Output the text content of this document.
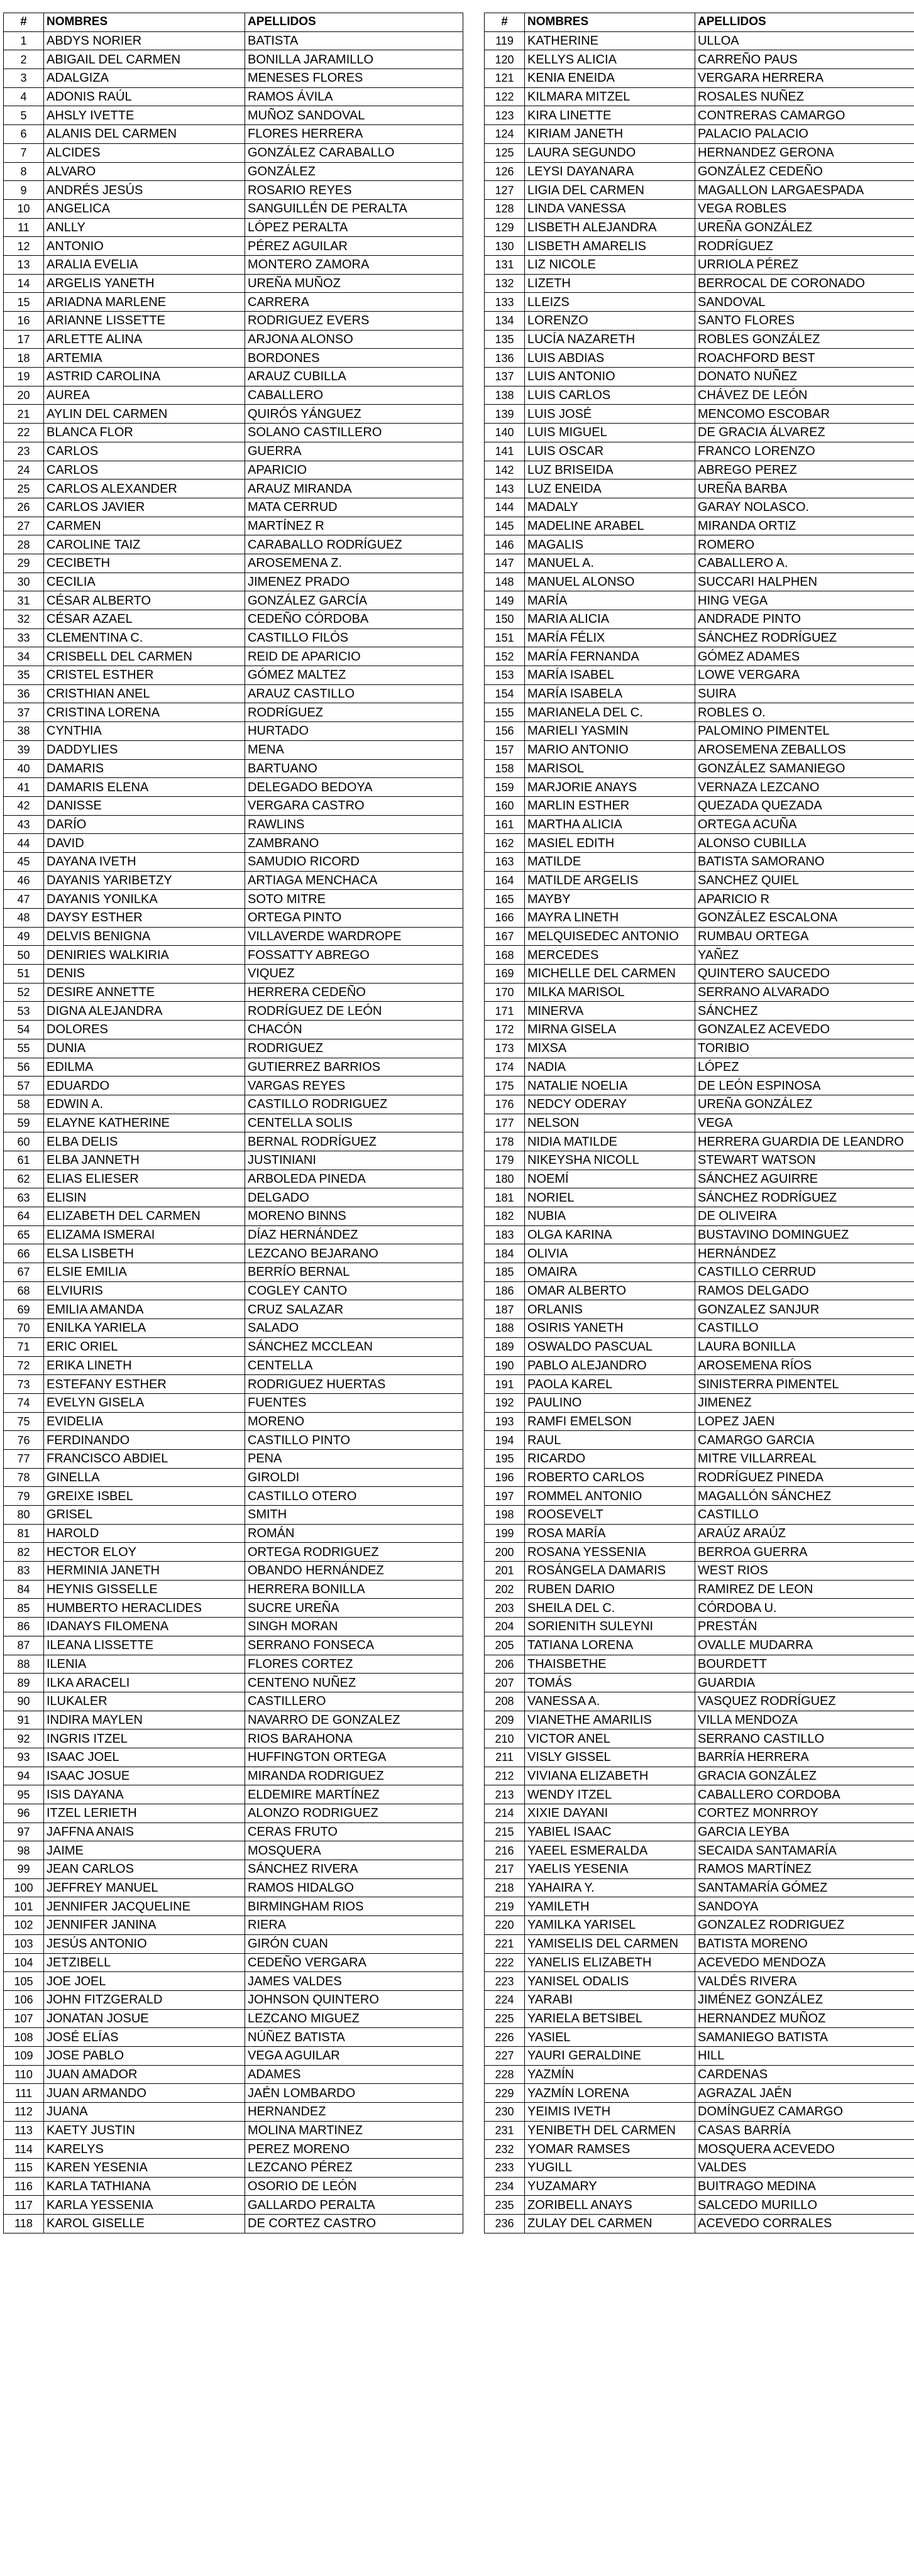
#	NOMBRES	APELLIDOS
1	ABDYS NORIER	BATISTA
2	ABIGAIL DEL CARMEN	BONILLA JARAMILLO
3	ADALGIZA	MENESES FLORES
4	ADONIS RAÚL	RAMOS ÁVILA
5	AHSLY IVETTE	MUÑOZ SANDOVAL
6	ALANIS DEL CARMEN	FLORES HERRERA
7	ALCIDES	GONZÁLEZ CARABALLO
8	ALVARO	GONZÁLEZ
9	ANDRÉS JESÚS	ROSARIO REYES
10	ANGELICA	SANGUILLÉN DE PERALTA
11	ANLLY	LÓPEZ PERALTA
12	ANTONIO	PÉREZ AGUILAR
13	ARALIA EVELIA	MONTERO ZAMORA
14	ARGELIS YANETH	UREÑA MUÑOZ
15	ARIADNA MARLENE	CARRERA
16	ARIANNE LISSETTE	RODRIGUEZ EVERS
17	ARLETTE ALINA	ARJONA ALONSO
18	ARTEMIA	BORDONES
19	ASTRID CAROLINA	ARAUZ CUBILLA
20	AUREA	CABALLERO
21	AYLIN DEL CARMEN	QUIRÓS YÁNGUEZ
22	BLANCA FLOR	SOLANO CASTILLERO
23	CARLOS	GUERRA
24	CARLOS	APARICIO
25	CARLOS ALEXANDER	ARAUZ MIRANDA
26	CARLOS JAVIER	MATA CERRUD
27	CARMEN	MARTÍNEZ R
28	CAROLINE TAIZ	CARABALLO RODRÍGUEZ
29	CECIBETH	AROSEMENA Z.
30	CECILIA	JIMENEZ PRADO
31	CÉSAR ALBERTO	GONZÁLEZ GARCÍA
32	CÉSAR AZAEL	CEDEÑO CÓRDOBA
33	CLEMENTINA C.	CASTILLO FILÓS
34	CRISBELL DEL CARMEN	REID DE APARICIO
35	CRISTEL ESTHER	GÓMEZ MALTEZ
36	CRISTHIAN ANEL	ARAUZ CASTILLO
37	CRISTINA LORENA	RODRÍGUEZ
38	CYNTHIA	HURTADO
39	DADDYLIES	MENA
40	DAMARIS	BARTUANO
41	DAMARIS ELENA	DELEGADO BEDOYA
42	DANISSE	VERGARA CASTRO
43	DARÍO	RAWLINS
44	DAVID	ZAMBRANO
45	DAYANA IVETH	SAMUDIO RICORD
46	DAYANIS YARIBETZY	ARTIAGA MENCHACA
47	DAYANIS YONILKA	SOTO MITRE
48	DAYSY ESTHER	ORTEGA PINTO
49	DELVIS BENIGNA	VILLAVERDE WARDROPE
50	DENIRIES WALKIRIA	FOSSATTY ABREGO
51	DENIS	VIQUEZ
52	DESIRE ANNETTE	HERRERA CEDEÑO
53	DIGNA ALEJANDRA	RODRÍGUEZ DE LEÓN
54	DOLORES	CHACÓN
55	DUNIA	RODRIGUEZ
56	EDILMA	GUTIERREZ BARRIOS
57	EDUARDO	VARGAS REYES
58	EDWIN A.	CASTILLO RODRIGUEZ
59	ELAYNE KATHERINE	CENTELLA SOLIS
60	ELBA DELIS	BERNAL RODRÍGUEZ
61	ELBA JANNETH	JUSTINIANI
62	ELIAS ELIESER	ARBOLEDA PINEDA
63	ELISIN	DELGADO
64	ELIZABETH DEL CARMEN	MORENO BINNS
65	ELIZAMA ISMERAI	DÍAZ HERNÁNDEZ
66	ELSA LISBETH	LEZCANO BEJARANO
67	ELSIE EMILIA	BERRÍO BERNAL
68	ELVIURIS	COGLEY CANTO
69	EMILIA AMANDA	CRUZ SALAZAR
70	ENILKA YARIELA	SALADO
71	ERIC ORIEL	SÁNCHEZ MCCLEAN
72	ERIKA LINETH	CENTELLA
73	ESTEFANY ESTHER	RODRIGUEZ HUERTAS
74	EVELYN GISELA	FUENTES
75	EVIDELIA	MORENO
76	FERDINANDO	CASTILLO PINTO
77	FRANCISCO ABDIEL	PENA
78	GINELLA	GIROLDI
79	GREIXE ISBEL	CASTILLO OTERO
80	GRISEL	SMITH
81	HAROLD	ROMÁN
82	HECTOR ELOY	ORTEGA RODRIGUEZ
83	HERMINIA JANETH	OBANDO HERNÁNDEZ
84	HEYNIS GISSELLE	HERRERA BONILLA
85	HUMBERTO HERACLIDES	SUCRE UREÑA
86	IDANAYS FILOMENA	SINGH MORAN
87	ILEANA LISSETTE	SERRANO FONSECA
88	ILENIA	FLORES CORTEZ
89	ILKA ARACELI	CENTENO NUÑEZ
90	ILUKALER	CASTILLERO
91	INDIRA MAYLEN	NAVARRO DE GONZALEZ
92	INGRIS ITZEL	RIOS BARAHONA
93	ISAAC JOEL	HUFFINGTON ORTEGA
94	ISAAC JOSUE	MIRANDA RODRIGUEZ
95	ISIS DAYANA	ELDEMIRE MARTÍNEZ
96	ITZEL LERIETH	ALONZO RODRIGUEZ
97	JAFFNA ANAIS	CERAS FRUTO
98	JAIME	MOSQUERA
99	JEAN CARLOS	SÁNCHEZ RIVERA
100	JEFFREY MANUEL	RAMOS HIDALGO
101	JENNIFER JACQUELINE	BIRMINGHAM RIOS
102	JENNIFER JANINA	RIERA
103	JESÚS ANTONIO	GIRÓN CUAN
104	JETZIBELL	CEDEÑO VERGARA
105	JOE JOEL	JAMES VALDES
106	JOHN FITZGERALD	JOHNSON QUINTERO
107	JONATAN JOSUE	LEZCANO MIGUEZ
108	JOSÉ ELÍAS	NÚÑEZ BATISTA
109	JOSE PABLO	VEGA AGUILAR
110	JUAN AMADOR	ADAMES
111	JUAN ARMANDO	JAÉN LOMBARDO
112	JUANA	HERNANDEZ
113	KAETY JUSTIN	MOLINA MARTINEZ
114	KARELYS	PEREZ MORENO
115	KAREN YESENIA	LEZCANO PÉREZ
116	KARLA TATHIANA	OSORIO DE LEÓN
117	KARLA YESSENIA	GALLARDO PERALTA
118	KAROL GISELLE	DE CORTEZ CASTRO
#	NOMBRES	APELLIDOS
119	KATHERINE	ULLOA
120	KELLYS ALICIA	CARREÑO PAUS
121	KENIA ENEIDA	VERGARA HERRERA
122	KILMARA MITZEL	ROSALES NUÑEZ
123	KIRA LINETTE	CONTRERAS CAMARGO
124	KIRIAM JANETH	PALACIO PALACIO
125	LAURA SEGUNDO	HERNANDEZ GERONA
126	LEYSI DAYANARA	GONZÁLEZ CEDEÑO
127	LIGIA DEL CARMEN	MAGALLON LARGAESPADA
128	LINDA VANESSA	VEGA ROBLES
129	LISBETH ALEJANDRA	UREÑA GONZÁLEZ
130	LISBETH AMARELIS	RODRÍGUEZ
131	LIZ NICOLE	URRIOLA PÉREZ
132	LIZETH	BERROCAL DE CORONADO
133	LLEIZS	SANDOVAL
134	LORENZO	SANTO FLORES
135	LUCÍA NAZARETH	ROBLES GONZÁLEZ
136	LUIS ABDIAS	ROACHFORD BEST
137	LUIS ANTONIO	DONATO NUÑEZ
138	LUIS CARLOS	CHÁVEZ DE LEÓN
139	LUIS JOSÉ	MENCOMO ESCOBAR
140	LUIS MIGUEL	DE GRACIA ÁLVAREZ
141	LUIS OSCAR	FRANCO LORENZO
142	LUZ BRISEIDA	ABREGO PEREZ
143	LUZ ENEIDA	UREÑA BARBA
144	MADALY	GARAY NOLASCO.
145	MADELINE ARABEL	MIRANDA ORTIZ
146	MAGALIS	ROMERO
147	MANUEL A.	CABALLERO A.
148	MANUEL ALONSO	SUCCARI HALPHEN
149	MARÍA	HING VEGA
150	MARIA ALICIA	ANDRADE PINTO
151	MARÍA FÉLIX	SÁNCHEZ RODRÍGUEZ
152	MARÍA FERNANDA	GÓMEZ ADAMES
153	MARÍA ISABEL	LOWE VERGARA
154	MARÍA ISABELA	SUIRA
155	MARIANELA DEL C.	ROBLES O.
156	MARIELI YASMIN	PALOMINO PIMENTEL
157	MARIO ANTONIO	AROSEMENA ZEBALLOS
158	MARISOL	GONZÁLEZ SAMANIEGO
159	MARJORIE ANAYS	VERNAZA LEZCANO
160	MARLIN ESTHER	QUEZADA QUEZADA
161	MARTHA ALICIA	ORTEGA ACUÑA
162	MASIEL EDITH	ALONSO CUBILLA
163	MATILDE	BATISTA SAMORANO
164	MATILDE ARGELIS	SANCHEZ QUIEL
165	MAYBY	APARICIO R
166	MAYRA LINETH	GONZÁLEZ ESCALONA
167	MELQUISEDEC ANTONIO	RUMBAU ORTEGA
168	MERCEDES	YAÑEZ
169	MICHELLE DEL CARMEN	QUINTERO SAUCEDO
170	MILKA MARISOL	SERRANO ALVARADO
171	MINERVA	SÁNCHEZ
172	MIRNA GISELA	GONZALEZ ACEVEDO
173	MIXSA	TORIBIO
174	NADIA	LÓPEZ
175	NATALIE NOELIA	DE LEÓN ESPINOSA
176	NEDCY ODERAY	UREÑA GONZÁLEZ
177	NELSON	VEGA
178	NIDIA MATILDE	HERRERA GUARDIA DE LEANDRO
179	NIKEYSHA NICOLL	STEWART WATSON
180	NOEMÍ	SÁNCHEZ AGUIRRE
181	NORIEL	SÁNCHEZ RODRÍGUEZ
182	NUBIA	DE OLIVEIRA
183	OLGA KARINA	BUSTAVINO DOMINGUEZ
184	OLIVIA	HERNÁNDEZ
185	OMAIRA	CASTILLO CERRUD
186	OMAR ALBERTO	RAMOS DELGADO
187	ORLANIS	GONZALEZ SANJUR
188	OSIRIS YANETH	CASTILLO
189	OSWALDO PASCUAL	LAURA BONILLA
190	PABLO ALEJANDRO	AROSEMENA RÍOS
191	PAOLA KAREL	SINISTERRA PIMENTEL
192	PAULINO	JIMENEZ
193	RAMFI EMELSON	LOPEZ JAEN
194	RAUL	CAMARGO GARCIA
195	RICARDO	MITRE VILLARREAL
196	ROBERTO CARLOS	RODRÍGUEZ PINEDA
197	ROMMEL ANTONIO	MAGALLÓN SÁNCHEZ
198	ROOSEVELT	CASTILLO
199	ROSA MARÍA	ARAÚZ ARAÚZ
200	ROSANA YESSENIA	BERROA GUERRA
201	ROSÁNGELA DAMARIS	WEST RIOS
202	RUBEN DARIO	RAMIREZ DE LEON
203	SHEILA DEL C.	CÓRDOBA U.
204	SORIENITH SULEYNI	PRESTÁN
205	TATIANA LORENA	OVALLE MUDARRA
206	THAISBETHE	BOURDETT
207	TOMÁS	GUARDIA
208	VANESSA A.	VASQUEZ RODRÍGUEZ
209	VIANETHE AMARILIS	VILLA MENDOZA
210	VICTOR ANEL	SERRANO CASTILLO
211	VISLY GISSEL	BARRÍA HERRERA
212	VIVIANA ELIZABETH	GRACIA GONZÁLEZ
213	WENDY ITZEL	CABALLERO CORDOBA
214	XIXIE DAYANI	CORTEZ MONRROY
215	YABIEL ISAAC	GARCIA LEYBA
216	YAEEL ESMERALDA	SECAIDA SANTAMARÍA
217	YAELIS YESENIA	RAMOS MARTÍNEZ
218	YAHAIRA Y.	SANTAMARÍA GÓMEZ
219	YAMILETH	SANDOYA
220	YAMILKA YARISEL	GONZALEZ RODRIGUEZ
221	YAMISELIS DEL CARMEN	BATISTA MORENO
222	YANELIS ELIZABETH	ACEVEDO MENDOZA
223	YANISEL ODALIS	VALDÉS RIVERA
224	YARABI	JIMÉNEZ GONZÁLEZ
225	YARIELA BETSIBEL	HERNANDEZ MUÑOZ
226	YASIEL	SAMANIEGO BATISTA
227	YAURI GERALDINE	HILL
228	YAZMÍN	CARDENAS
229	YAZMÍN LORENA	AGRAZAL JAÉN
230	YEIMIS IVETH	DOMÍNGUEZ CAMARGO
231	YENIBETH DEL CARMEN	CASAS BARRÍA
232	YOMAR RAMSES	MOSQUERA ACEVEDO
233	YUGILL	VALDES
234	YUZAMARY	BUITRAGO MEDINA
235	ZORIBELL ANAYS	SALCEDO MURILLO
236	ZULAY DEL CARMEN	ACEVEDO CORRALES
